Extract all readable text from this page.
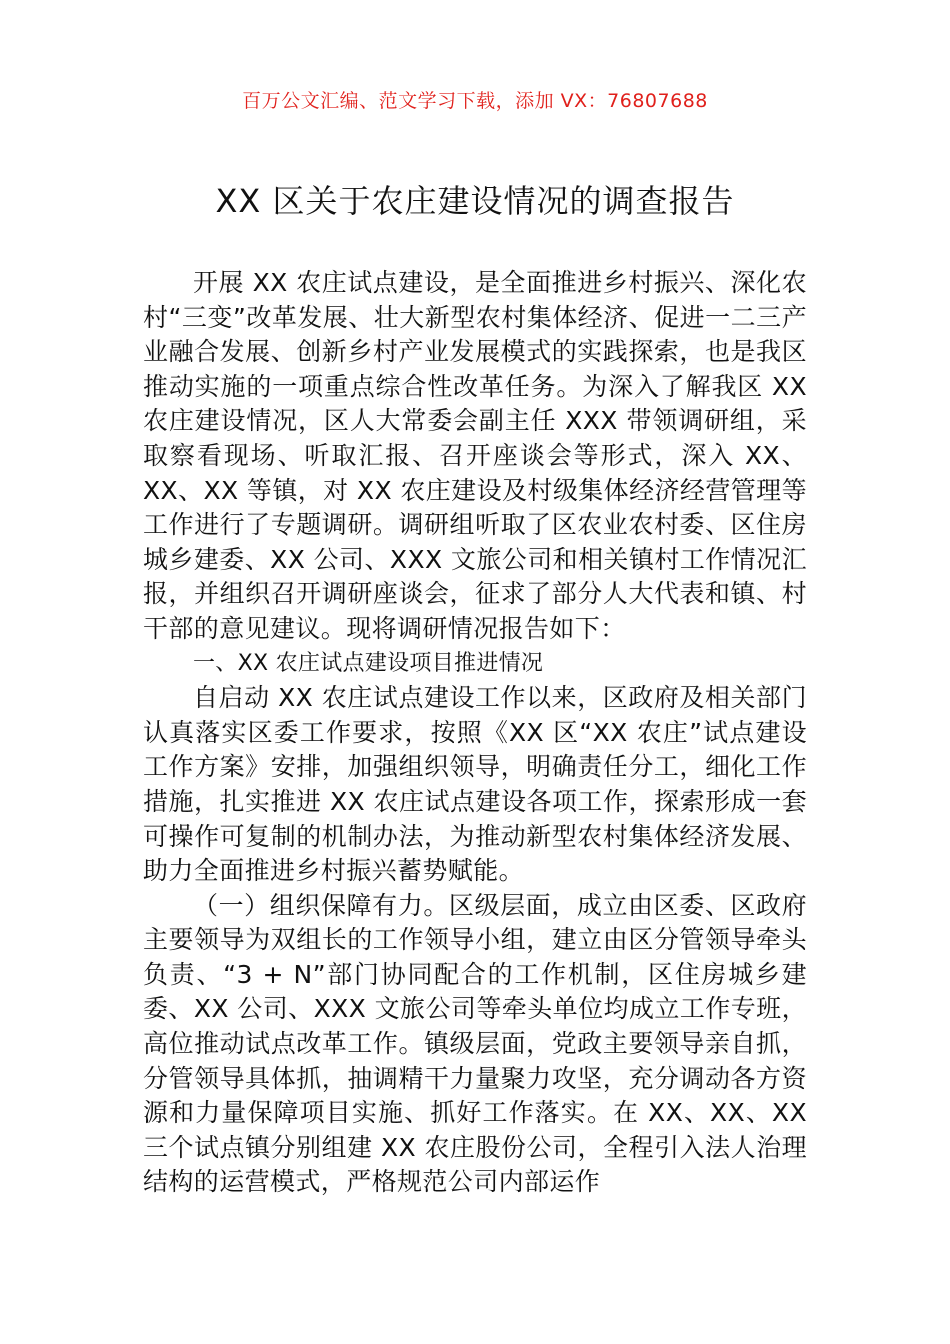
百万公文汇编、范文学习下载，添加 VX：76807688
XX 区关于农庄建设情况的调查报告

开展 XX 农庄试点建设，是全面推进乡村振兴、深化农村“三变”改革发展、壮大新型农村集体经济、促进一二三产业融合发展、创新乡村产业发展模式的实践探索，也是我区推动实施的一项重点综合性改革任务。为深入了解我区 XX 农庄建设情况，区人大常委会副主任 XXX 带领调研组，采取察看现场、听取汇报、召开座谈会等形式，深入 XX、XX、XX 等镇，对 XX 农庄建设及村级集体经济经营管理等工作进行了专题调研。调研组听取了区农业农村委、区住房城乡建委、XX 公司、XXX 文旅公司和相关镇村工作情况汇报，并组织召开调研座谈会，征求了部分人大代表和镇、村干部的意见建议。现将调研情况报告如下：

一、XX 农庄试点建设项目推进情况

自启动 XX 农庄试点建设工作以来，区政府及相关部门认真落实区委工作要求，按照《XX 区“XX 农庄”试点建设工作方案》安排，加强组织领导，明确责任分工，细化工作措施，扎实推进 XX 农庄试点建设各项工作，探索形成一套可操作可复制的机制办法，为推动新型农村集体经济发展、助力全面推进乡村振兴蓄势赋能。

（一）组织保障有力。区级层面，成立由区委、区政府主要领导为双组长的工作领导小组，建立由区分管领导牵头负责、“3 + N”部门协同配合的工作机制，区住房城乡建委、XX 公司、XXX 文旅公司等牵头单位均成立工作专班，高位推动试点改革工作。镇级层面，党政主要领导亲自抓，分管领导具体抓，抽调精干力量聚力攻坚，充分调动各方资源和力量保障项目实施、抓好工作落实。在 XX、XX、XX 三个试点镇分别组建 XX 农庄股份公司，全程引入法人治理结构的运营模式，严格规范公司内部运作
